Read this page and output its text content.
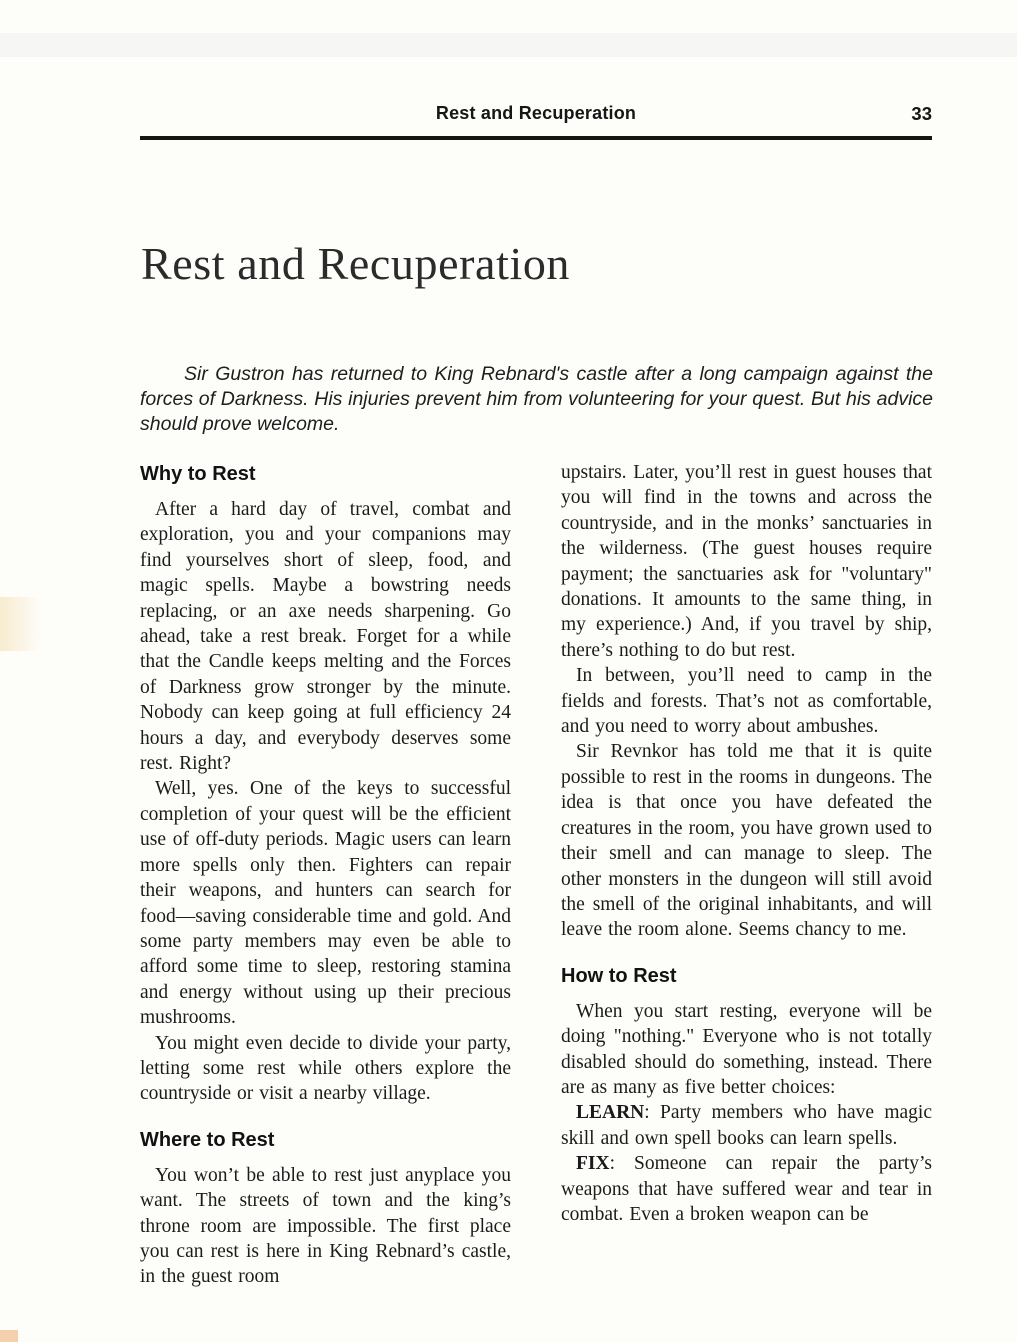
Rest and Recuperation	33
Rest and Recuperation

Sir Gustron has returned to King Rebnard's castle after a long campaign against the forces of Darkness. His injuries prevent him from volunteering for your quest. But his advice should prove welcome.

Why to Rest

After a hard day of travel, combat and exploration, you and your companions may find yourselves short of sleep, food, and magic spells. Maybe a bowstring needs replacing, or an axe needs sharpening. Go ahead, take a rest break. Forget for a while that the Candle keeps melting and the Forces of Darkness grow stronger by the minute. Nobody can keep going at full efficiency 24 hours a day, and everybody deserves some rest. Right?

Well, yes. One of the keys to successful completion of your quest will be the efficient use of off-duty periods. Magic users can learn more spells only then. Fighters can repair their weapons, and hunters can search for food—saving considerable time and gold. And some party members may even be able to afford some time to sleep, restoring stamina and energy without using up their precious mushrooms.

You might even decide to divide your party, letting some rest while others explore the countryside or visit a nearby village.

Where to Rest

You won’t be able to rest just anyplace you want. The streets of town and the king’s throne room are impossible. The first place you can rest is here in King Rebnard’s castle, in the guest room

upstairs. Later, you’ll rest in guest houses that you will find in the towns and across the countryside, and in the monks’ sanctuaries in the wilderness. (The guest houses require payment; the sanctuaries ask for "voluntary" donations. It amounts to the same thing, in my experience.) And, if you travel by ship, there’s nothing to do but rest.

In between, you’ll need to camp in the fields and forests. That’s not as comfortable, and you need to worry about ambushes.

Sir Revnkor has told me that it is quite possible to rest in the rooms in dungeons. The idea is that once you have defeated the creatures in the room, you have grown used to their smell and can manage to sleep. The other monsters in the dungeon will still avoid the smell of the original inhabitants, and will leave the room alone. Seems chancy to me.

How to Rest

When you start resting, everyone will be doing "nothing." Everyone who is not totally disabled should do something, instead. There are as many as five better choices:

LEARN: Party members who have magic skill and own spell books can learn spells.

FIX: Someone can repair the party’s weapons that have suffered wear and tear in combat. Even a broken weapon can be
